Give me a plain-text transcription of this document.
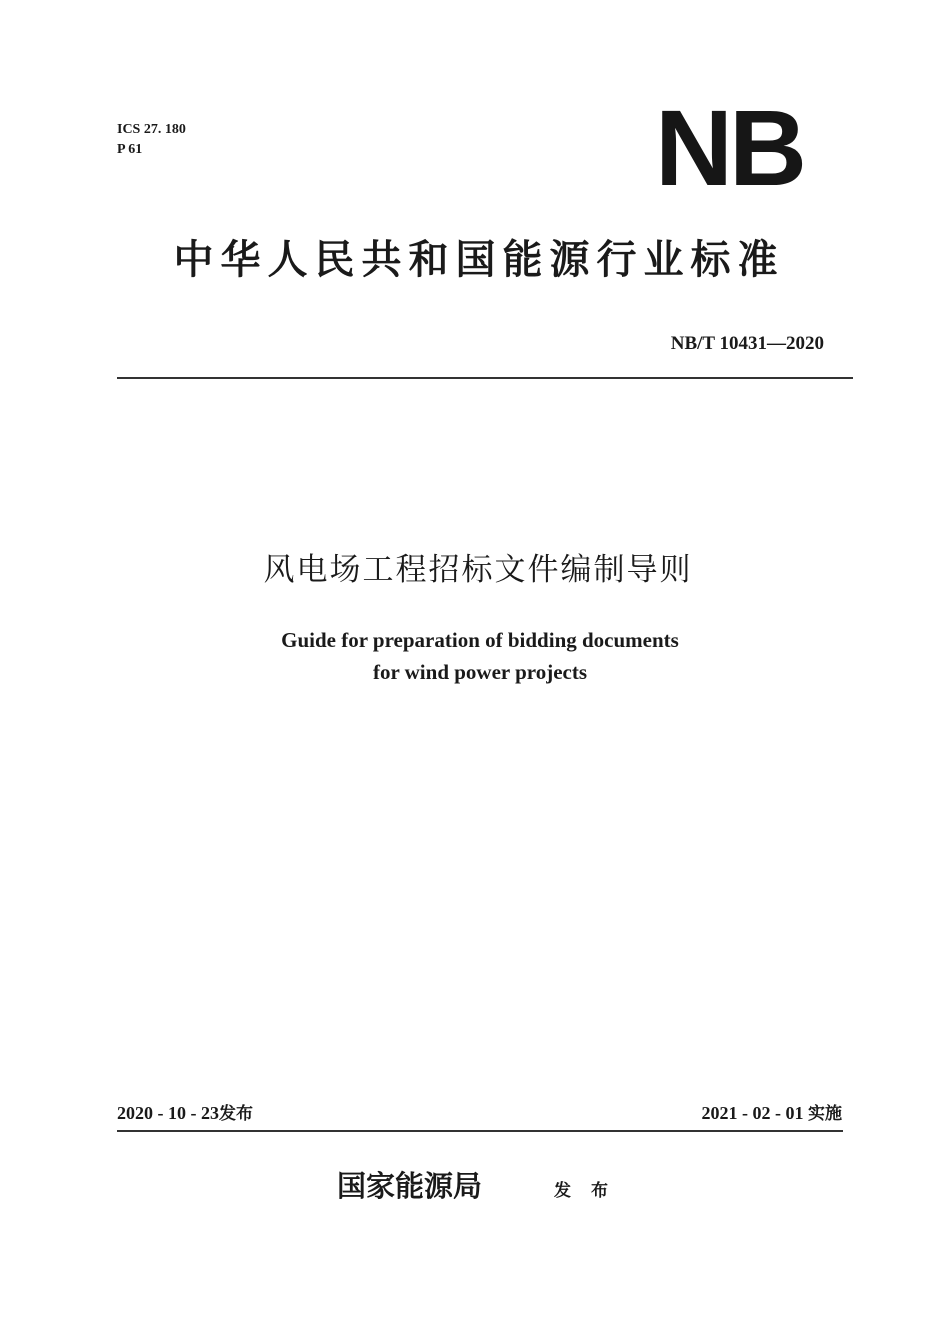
ICS 27. 180
P 61	NB
中华人民共和国能源行业标准
NB/T 10431—2020
风电场工程招标文件编制导则
Guide for preparation of bidding documents
for wind power projects
2020 - 10 - 23发布	2021 - 02 - 01 实施
国家能源局	发布
